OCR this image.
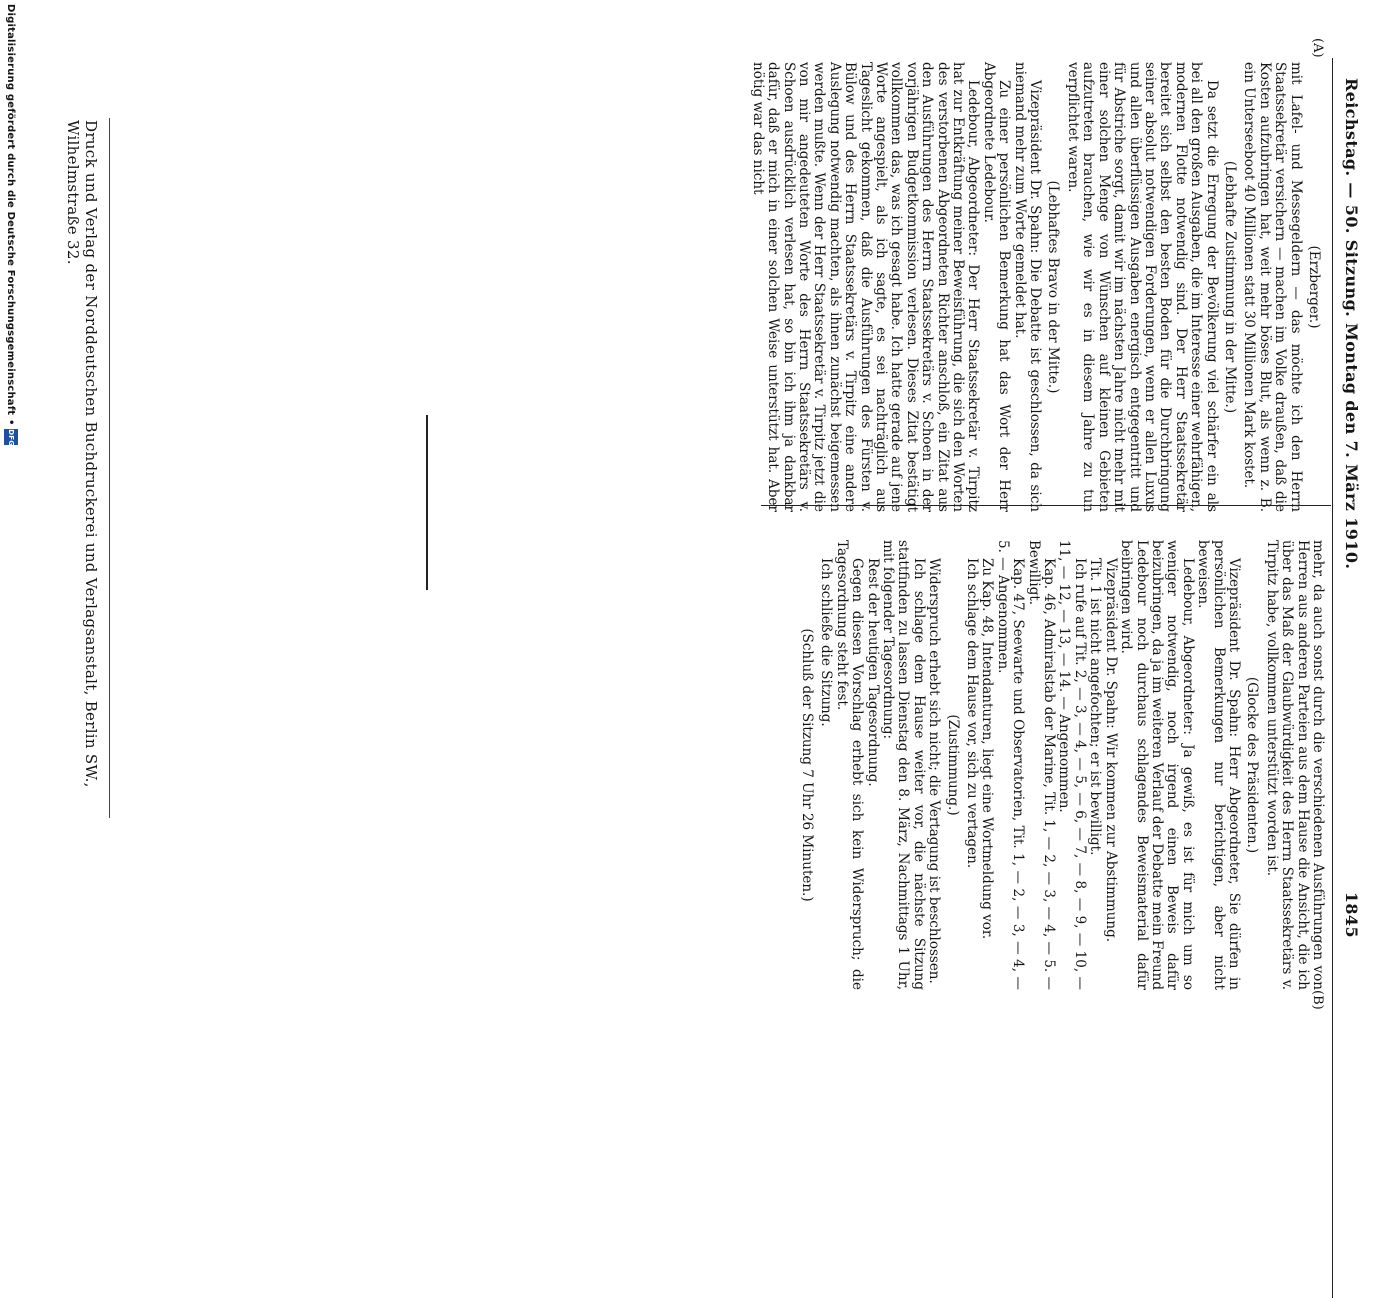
Reichstag. — 50. Sitzung. Montag den 7. März 1910.
1845
(A)
(B)

(Erzberger.)

mit Lafel- und Messegeldern — das möchte ich den Herrn Staatssekretär versichern — machen im Volke draußen, daß die Kosten aufzubringen hat, weit mehr böses Blut, als wenn z. B. ein Unterseeboot 40 Millionen statt 30 Millionen Mark kostet.

(Lebhafte Zustimmung in der Mitte.)

Da setzt die Erregung der Bevölkerung viel schärfer ein als bei all den großen Ausgaben, die im Interesse einer wehrfähigen, modernen Flotte notwendig sind. Der Herr Staatssekretär bereitet sich selbst den besten Boden für die Durchbringung seiner absolut notwendigen Forderungen, wenn er allen Luxus und allen überflüssigen Ausgaben energisch entgegentritt und für Abstriche sorgt, damit wir im nächsten Jahre nicht mehr mit einer solchen Menge von Wünschen auf kleinen Gebieten aufzutreten brauchen, wie wir es in diesem Jahre zu tun verpflichtet waren.

(Lebhaftes Bravo in der Mitte.)

Vizepräsident Dr. Spahn: Die Debatte ist geschlossen, da sich niemand mehr zum Worte gemeldet hat.

Zu einer persönlichen Bemerkung hat das Wort der Herr Abgeordnete Ledebour.

Ledebour, Abgeordneter: Der Herr Staatssekretär v. Tirpitz hat zur Entkräftung meiner Beweisführung, die sich den Worten des verstorbenen Abgeordneten Richter anschloß, ein Zitat aus den Ausführungen des Herrn Staatssekretärs v. Schoen in der vorjährigen Budgetkommission verlesen. Dieses Zitat bestätigt vollkommen das, was ich gesagt habe. Ich hatte gerade auf jene Worte angespielt, als ich sagte, es sei nachträglich aus Tageslicht gekommen, daß die Ausführungen des Fürsten v. Bülow und des Herrn Staatssekretärs v. Tirpitz eine andere Auslegung notwendig machten, als ihnen zunächst beigemessen werden mußte. Wenn der Herr Staatssekretär v. Tirpitz jetzt die von mir angedeuteten Worte des Herrn Staatssekretärs v. Schoen ausdrücklich verlesen hat, so bin ich ihm ja dankbar dafür, daß er mich in einer solchen Weise unterstützt hat. Aber nötig war das nicht

mehr, da auch sonst durch die verschiedenen Ausführungen von Herren aus anderen Parteien aus dem Hause die Ansicht, die ich über das Maß der Glaubwürdigkeit des Herrn Staatssekretärs v. Tirpitz habe, vollkommen unterstützt worden ist.

(Glocke des Präsidenten.)

Vizepräsident Dr. Spahn: Herr Abgeordneter, Sie dürfen in persönlichen Bemerkungen nur berichtigen, aber nicht beweisen.

Ledebour, Abgeordneter: Ja gewiß, es ist für mich um so weniger notwendig, noch irgend einen Beweis dafür beizubringen, da ja im weiteren Verlauf der Debatte mein Freund Ledebour noch durchaus schlagendes Beweismaterial dafür beibringen wird.

Vizepräsident Dr. Spahn: Wir kommen zur Abstimmung.

Tit. 1 ist nicht angefochten; er ist bewilligt.

Ich rufe auf Tit. 2, — 3, — 4, — 5, — 6, — 7, — 8, — 9, — 10, — 11, — 12, — 13, — 14. — Angenommen.

Kap. 46, Admiralstab der Marine, Tit. 1, — 2, — 3, — 4, — 5. — Bewilligt.

Kap. 47, Seewarte und Observatorien, Tit. 1, — 2, — 3, — 4, — 5. — Angenommen.

Zu Kap. 48, Intendanturen, liegt eine Wortmeldung vor.

Ich schlage dem Hause vor, sich zu vertagen.

(Zustimmung.)

Widerspruch erhebt sich nicht; die Vertagung ist beschlossen.

Ich schlage dem Hause weiter vor, die nächste Sitzung stattfinden zu lassen Dienstag den 8. März, Nachmittags 1 Uhr, mit folgender Tagesordnung:

Rest der heutigen Tagesordnung.

Gegen diesen Vorschlag erhebt sich kein Widerspruch; die Tagesordnung steht fest.

Ich schließe die Sitzung.

(Schluß der Sitzung 7 Uhr 26 Minuten.)

Druck und Verlag der Norddeutschen Buchdruckerei und Verlagsanstalt, Berlin SW., Wilhelmstraße 32.
Digitalisierung gefördert durch die Deutsche Forschungsgemeinschaft • DFG
